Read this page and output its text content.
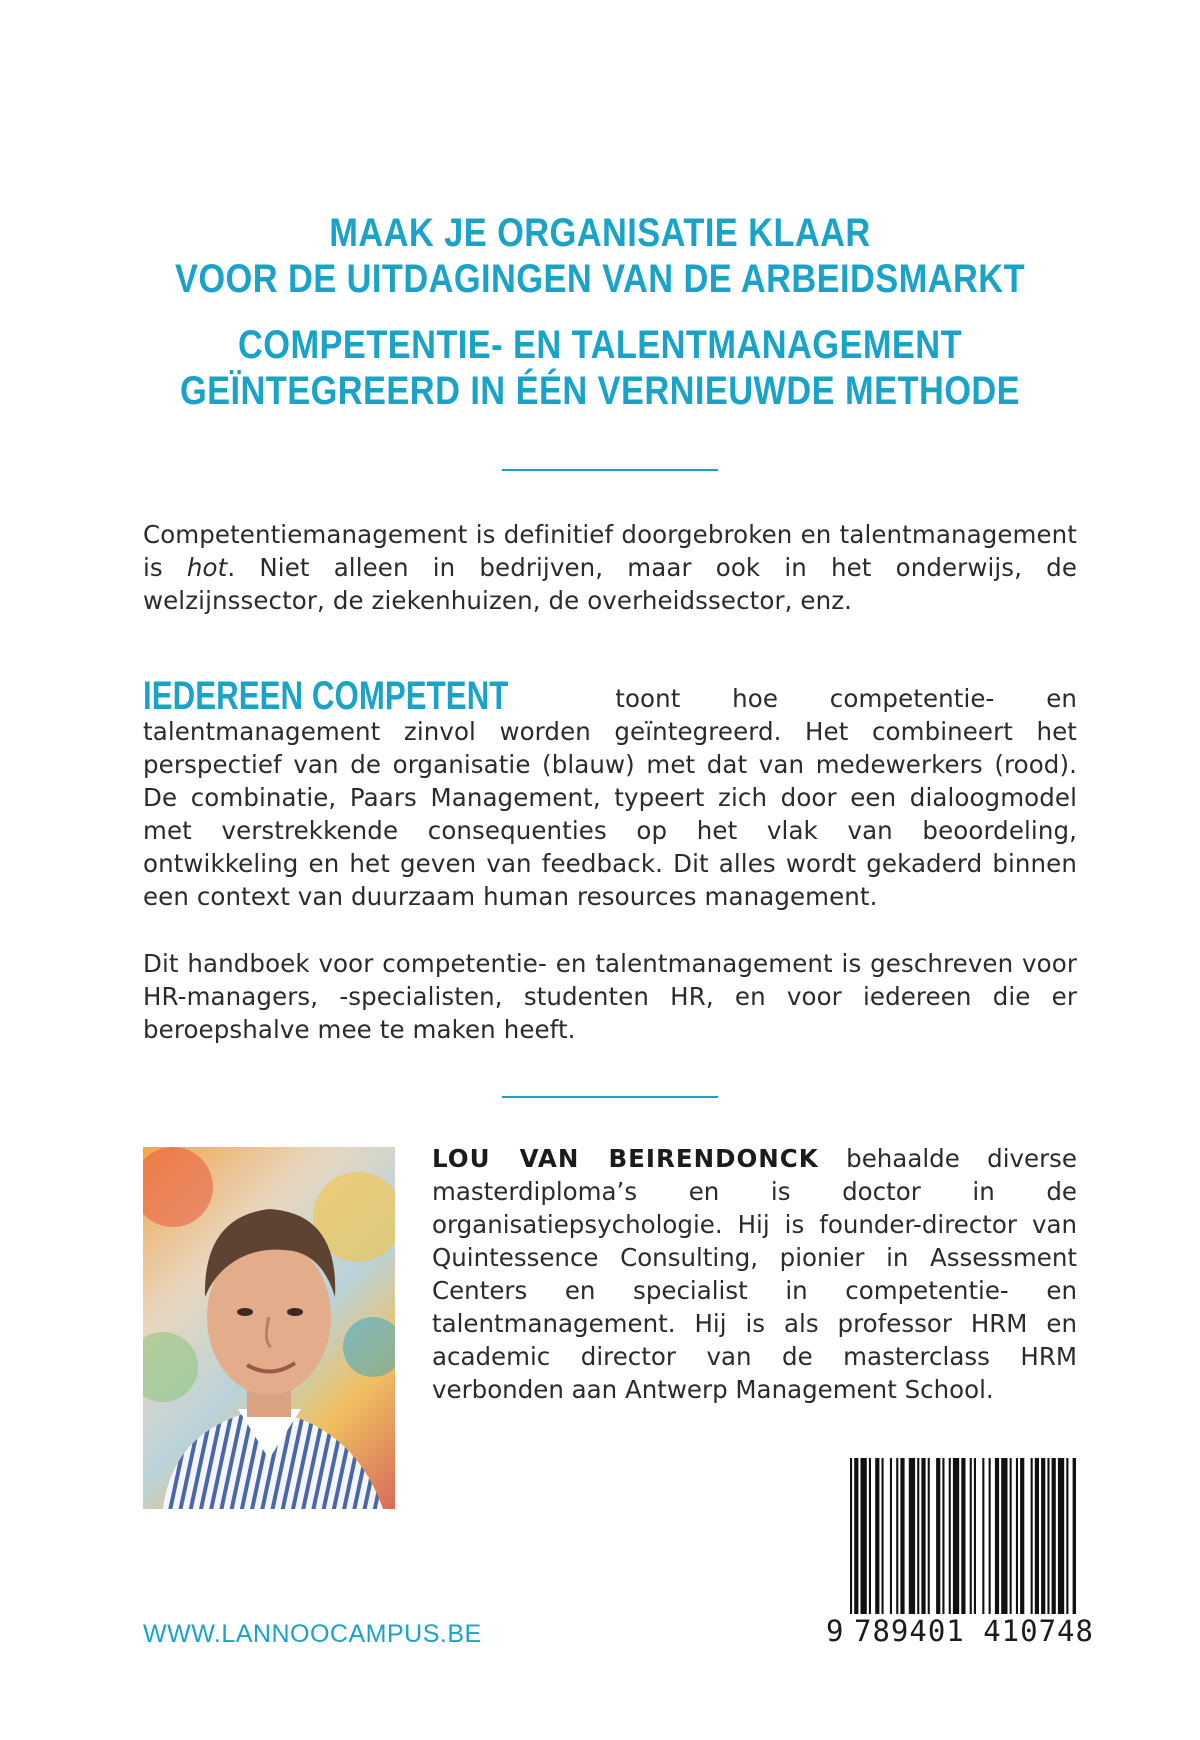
MAAK JE ORGANISATIE KLAAR
VOOR DE UITDAGINGEN VAN DE ARBEIDSMARKT
COMPETENTIE- EN TALENTMANAGEMENT
GEÏNTEGREERD IN ÉÉN VERNIEUWDE METHODE

Competentiemanagement is definitief doorgebroken en talentmanagement is hot. Niet alleen in bedrijven, maar ook in het onderwijs, de welzijnssector, de ziekenhuizen, de overheidssector, enz.

IEDEREEN COMPETENT toont hoe competentie- en talentmanagement zinvol worden geïntegreerd. Het combineert het perspectief van de organisatie (blauw) met dat van medewerkers (rood). De combinatie, Paars Management, typeert zich door een dialoogmodel met verstrekkende consequenties op het vlak van beoordeling, ontwikkeling en het geven van feedback. Dit alles wordt gekaderd binnen een context van duurzaam human resources management.

Dit handboek voor competentie- en talentmanagement is geschreven voor HR-managers, -specialisten, studenten HR, en voor iedereen die er beroepshalve mee te maken heeft.

LOU VAN BEIRENDONCK behaalde diverse masterdiploma’s en is doctor in de organisatiepsychologie. Hij is founder-director van Quintessence Consulting, pionier in Assessment Centers en specialist in competentie- en talentmanagement. Hij is als professor HRM en academic director van de masterclass HRM verbonden aan Antwerp Management School.

9 789401 410748
WWW.LANNOOCAMPUS.BE
